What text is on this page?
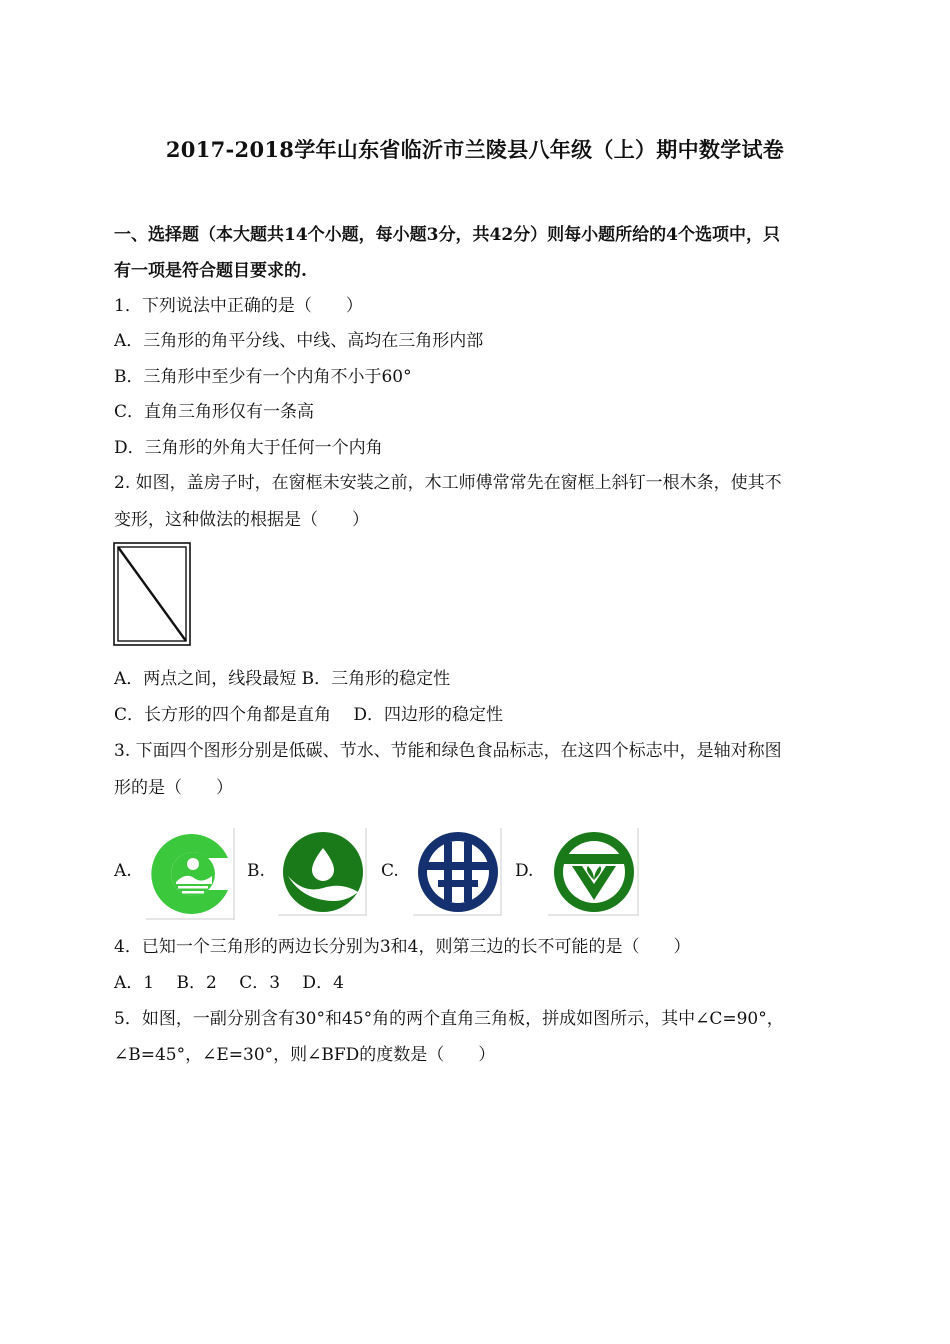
2017-2018学年山东省临沂市兰陵县八年级（上）期中数学试卷
一、选择题（本大题共14个小题，每小题3分，共42分）则每小题所给的4个选项中，只
有一项是符合题目要求的.
1．下列说法中正确的是（　　）
A．三角形的角平分线、中线、高均在三角形内部
B．三角形中至少有一个内角不小于60°
C．直角三角形仅有一条高
D．三角形的外角大于任何一个内角
2. 如图，盖房子时，在窗框未安装之前，木工师傅常常先在窗框上斜钉一根木条，使其不
变形，这种做法的根据是（　　）
A．两点之间，线段最短 B．三角形的稳定性
C．长方形的四个角都是直角　 D．四边形的稳定性
3. 下面四个图形分别是低碳、节水、节能和绿色食品标志，在这四个标志中，是轴对称图
形的是（　　）
A.	B.	C.	D.
4．已知一个三角形的两边长分别为3和4，则第三边的长不可能的是（　　）
A．1　 B．2　 C．3　 D．4
5．如图，一副分别含有30°和45°角的两个直角三角板，拼成如图所示，其中∠C=90°，
∠B=45°，∠E=30°，则∠BFD的度数是（　　）
